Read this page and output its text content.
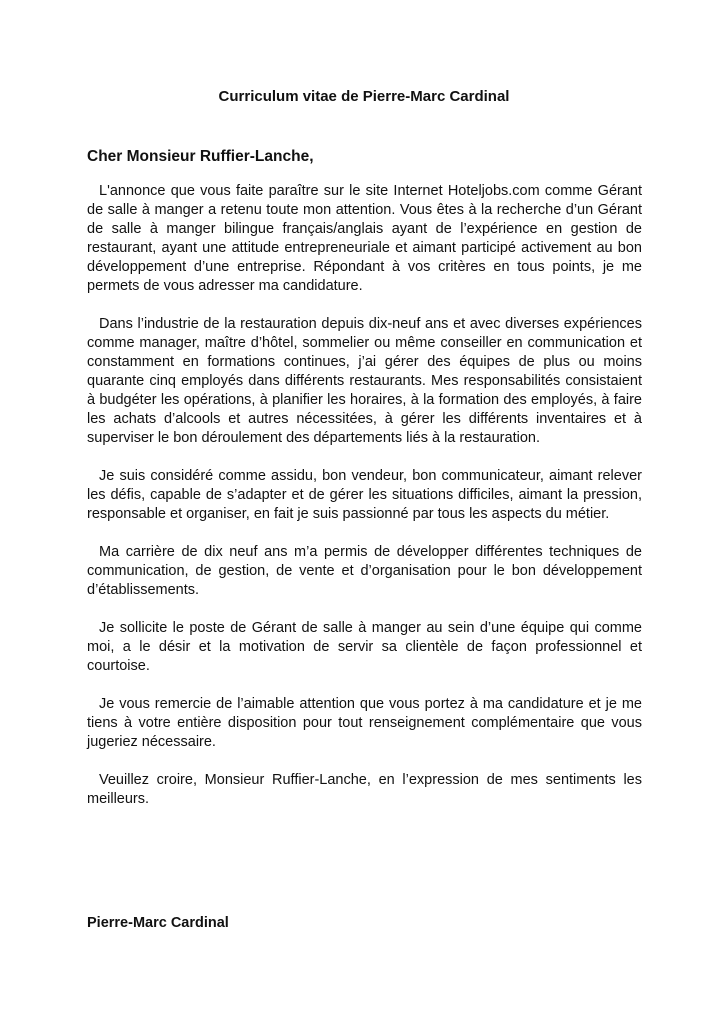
Curriculum vitae de Pierre-Marc Cardinal
Cher Monsieur Ruffier-Lanche,

L'annonce que vous faite paraître sur le site Internet Hoteljobs.com comme Gérant de salle à manger a retenu toute mon attention. Vous êtes à la recherche d’un Gérant de salle à manger bilingue français/anglais ayant de l’expérience en gestion de restaurant, ayant une attitude entrepreneuriale et aimant participé activement au bon développement d’une entreprise. Répondant à vos critères en tous points, je me permets de vous adresser ma candidature.

Dans l’industrie de la restauration depuis dix-neuf ans et avec diverses expériences comme manager, maître d’hôtel, sommelier ou même conseiller en communication et constamment en formations continues, j’ai gérer des équipes de plus ou moins quarante cinq employés dans différents restaurants. Mes responsabilités consistaient à budgéter les opérations, à planifier les horaires, à la formation des employés, à faire les achats d’alcools et autres nécessitées, à gérer les différents inventaires et à superviser le bon déroulement des départements liés à la restauration.

Je suis considéré comme assidu, bon vendeur, bon communicateur, aimant relever les défis, capable de s’adapter et de gérer les situations difficiles, aimant la pression, responsable et organiser, en fait je suis passionné par tous les aspects du métier.

Ma carrière de dix neuf ans m’a permis de développer différentes techniques de communication, de gestion, de vente et d’organisation pour le bon développement d’établissements.

Je sollicite le poste de Gérant de salle à manger au sein d’une équipe qui comme moi, a le désir et la motivation de servir sa clientèle de façon professionnel et courtoise.

Je vous remercie de l’aimable attention que vous portez à ma candidature et je me tiens à votre entière disposition pour tout renseignement complémentaire que vous jugeriez nécessaire.

Veuillez croire, Monsieur Ruffier-Lanche, en l’expression de mes sentiments les meilleurs.

Pierre-Marc Cardinal
